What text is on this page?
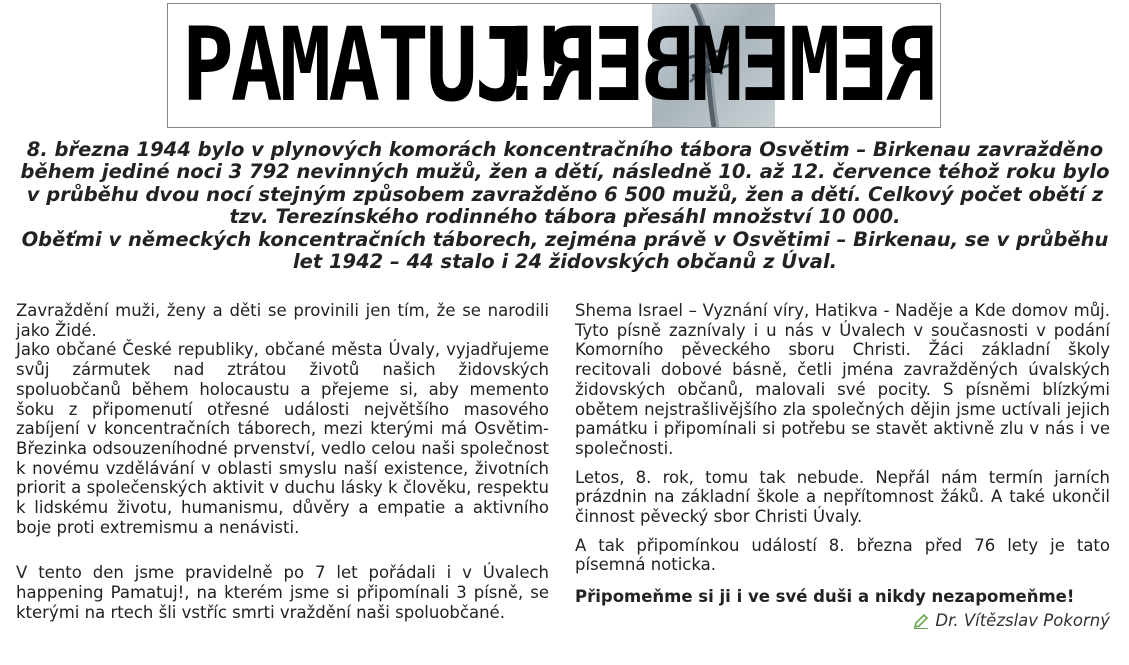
PAMATUJ!
REMEMBER!

8. března 1944 bylo v plynových komorách koncentračního tábora Osvětim – Birkenau zavražděno během jediné noci 3 792 nevinných mužů, žen a dětí, následně 10. až 12. července téhož roku bylo v průběhu dvou nocí stejným způsobem zavražděno 6 500 mužů, žen a dětí. Celkový počet obětí z tzv. Terezínského rodinného tábora přesáhl množství 10 000.

Oběťmi v německých koncentračních táborech, zejména právě v Osvětimi – Birkenau, se v průběhu let 1942 – 44 stalo i 24 židovských občanů z Úval.

Zavraždění muži, ženy a děti se provinili jen tím, že se narodili jako Židé.

Jako občané České republiky, občané města Úvaly, vyjadřujeme svůj zármutek nad ztrátou životů našich židovských spoluobčanů během holocaustu a přejeme si, aby memento šoku z připomenutí otřesné události největšího masového zabíjení v koncentračních táborech, mezi kterými má Osvětim-Březinka odsouzeníhodné prvenství, vedlo celou naši společnost k novému vzdělávání v oblasti smyslu naší existence, životních priorit a společenských aktivit v duchu lásky k člověku, respektu k lidskému životu, humanismu, důvěry a empatie a aktivního boje proti extremismu a nenávisti.

V tento den jsme pravidelně po 7 let pořádali i v Úvalech happening Pamatuj!, na kterém jsme si připomínali 3 písně, se kterými na rtech šli vstříc smrti vraždění naši spoluobčané.

Shema Israel – Vyznání víry, Hatikva - Naděje a Kde domov můj. Tyto písně zaznívaly i u nás v Úvalech v současnosti v podání Komorního pěveckého sboru Christi. Žáci základní školy recitovali dobové básně, četli jména zavražděných úvalských židovských občanů, malovali své pocity. S písněmi blízkými obětem nejstrašlivějšího zla společných dějin jsme uctívali jejich památku i připomínali si potřebu se stavět aktivně zlu v nás i ve společnosti.

Letos, 8. rok, tomu tak nebude. Nepřál nám termín jarních prázdnin na základní škole a nepřítomnost žáků. A také ukončil činnost pěvecký sbor Christi Úvaly.

A tak připomínkou událostí 8. března před 76 lety je tato písemná noticka.

Připomeňme si ji i ve své duši a nikdy nezapomeňme!

Dr. Vítězslav Pokorný
